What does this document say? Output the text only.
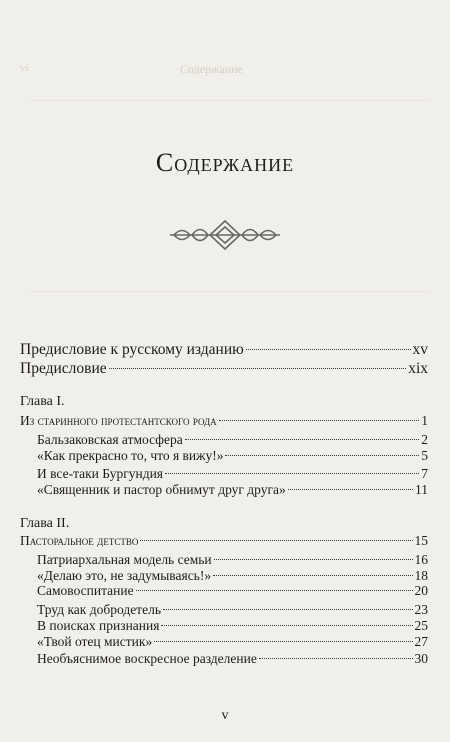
vi	Содержание
Содержание
Предисловие к русскому изданию	xv
Предисловие	xix
Глава I.
Из старинного протестантского рода	1
Бальзаковская атмосфера	2
«Как прекрасно то, что я вижу!»	5
И все-таки Бургундия	7
«Священник и пастор обнимут друг друга»	11
Глава II.
Пасторальное детство	15
Патриархальная модель семьи	16
«Делаю это, не задумываясь!»	18
Самовоспитание	20
Труд как добродетель	23
В поисках признания	25
«Твой отец мистик»	27
Необъяснимое воскресное разделение	30
v
